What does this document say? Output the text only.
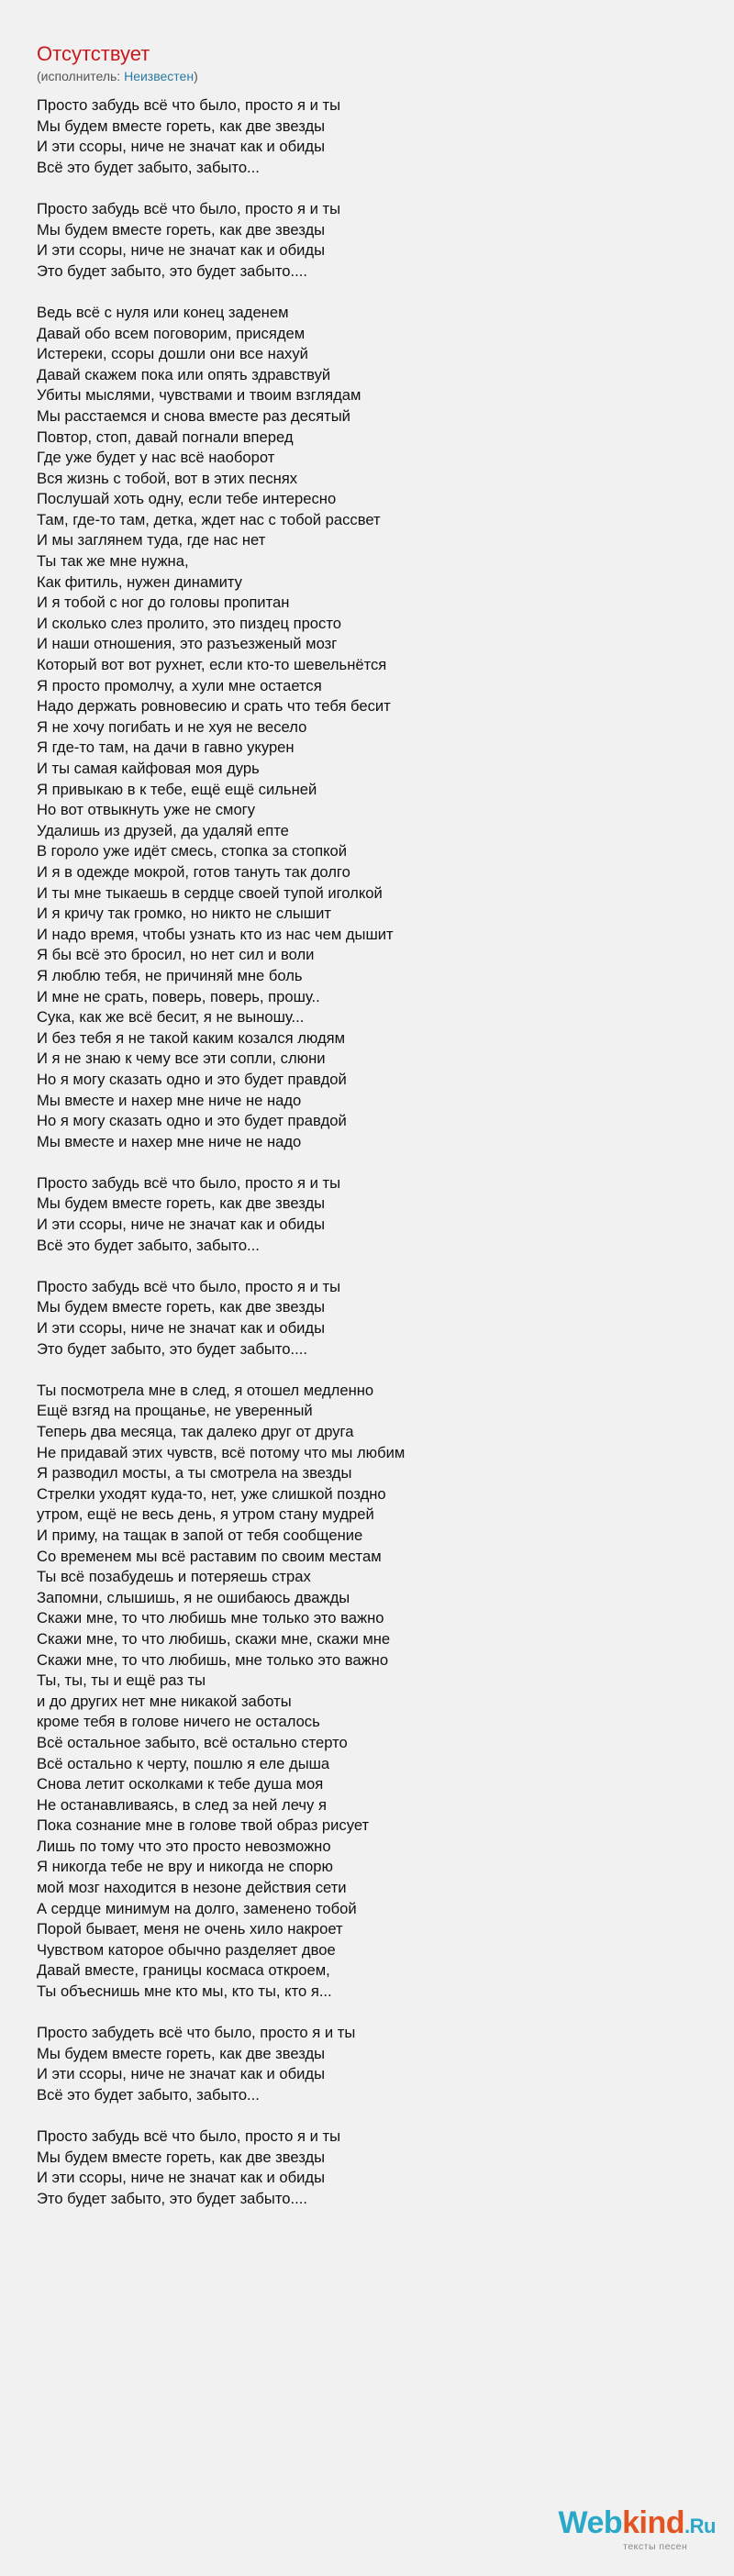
Отсутствует
(исполнитель: Неизвестен)
Просто забудь всё что было, просто я и ты
Мы будем вместе гореть, как две звезды
И эти ссоры, ниче не значат как и обиды
Всё это будет забыто, забыто...
Просто забудь всё что было, просто я и ты
Мы будем вместе гореть, как две звезды
И эти ссоры, ниче не значат как и обиды
Это будет забыто, это будет забыто....
Ведь всё с нуля или конец заденем
Давай обо всем поговорим, присядем
Истереки, ссоры дошли они все нахуй
Давай скажем пока или опять здравствуй
Убиты мыслями, чувствами и твоим взглядам
Мы расстаемся и снова вместе раз десятый
Повтор, стоп, давай погнали вперед
Где уже будет у нас всё наоборот
Вся жизнь с тобой, вот в этих песнях
Послушай хоть одну, если тебе интересно
Там, где-то там, детка, ждет нас с тобой рассвет
И мы заглянем туда, где нас нет
Ты так же мне нужна,
Как фитиль, нужен динамиту
И я тобой с ног до головы пропитан
И сколько слез пролито, это пиздец просто
И наши отношения, это разъезженый мозг
Который вот вот рухнет, если кто-то шевельнётся
Я просто промолчу, а хули мне остается
Надо держать ровновесию и срать что тебя бесит
Я не хочу погибать и не хуя не весело
Я где-то там, на дачи в гавно укурен
И ты самая кайфовая моя дурь
Я привыкаю в к тебе, ещё ещё сильней
Но вот отвыкнуть уже не смогу
Удалишь из друзей, да удаляй епте
В гороло уже идёт смесь, стопка за стопкой
И я в одежде мокрой, готов тануть так долго
И ты мне тыкаешь в сердце своей тупой иголкой
И я кричу так громко, но никто не слышит
И надо время, чтобы узнать кто из нас чем дышит
Я бы всё это бросил, но нет сил и воли
Я люблю тебя, не причиняй мне боль
И мне не срать, поверь, поверь, прошу..
Сука, как же всё бесит, я не выношу...
И без тебя я не такой каким козался людям
И я не знаю к чему все эти сопли, слюни
Но я могу сказать одно и это будет правдой
Мы вместе и нахер мне ниче не надо
Но я могу сказать одно и это будет правдой
Мы вместе и нахер мне ниче не надо
Просто забудь всё что было, просто я и ты
Мы будем вместе гореть, как две звезды
И эти ссоры, ниче не значат как и обиды
Всё это будет забыто, забыто...
Просто забудь всё что было, просто я и ты
Мы будем вместе гореть, как две звезды
И эти ссоры, ниче не значат как и обиды
Это будет забыто, это будет забыто....
Ты посмотрела мне в след, я отошел медленно
Ещё взгяд на прощанье, не уверенный
Теперь два месяца, так далеко друг от друга
Не придавай этих чувств, всё потому что мы любим
Я разводил мосты, а ты смотрела на звезды
Стрелки уходят куда-то, нет, уже слишкой поздно
утром, ещё не весь день, я утром стану мудрей
И приму, на тащак в запой от тебя сообщение
Со временем мы всё раставим по своим местам
Ты всё позабудешь и потеряешь страх
Запомни, слышишь, я не ошибаюсь дважды
Скажи мне, то что любишь мне только это важно
Скажи мне, то что любишь, скажи мне, скажи мне
Скажи мне, то что любишь, мне только это важно
Ты, ты, ты и ещё раз ты
и до других нет мне никакой заботы
кроме тебя в голове ничего не осталось
Всё остальное забыто, всё остально стерто
Всё остально к черту, пошлю я еле дыша
Снова летит осколками к тебе душа моя
Не останавливаясь, в след за ней лечу я
Пока сознание мне в голове твой образ рисует
Лишь по тому что это просто невозможно
Я никогда тебе не вру и никогда не спорю
мой мозг находится в незоне действия сети
А сердце минимум на долго, заменено тобой
Порой бывает, меня не очень хило накроет
Чувством каторое обычно разделяет двое
Давай вместе, границы космаса откроем,
Ты объеснишь мне кто мы, кто ты, кто я...
Просто забудеть всё что было, просто я и ты
Мы будем вместе гореть, как две звезды
И эти ссоры, ниче не значат как и обиды
Всё это будет забыто, забыто...
Просто забудь всё что было, просто я и ты
Мы будем вместе гореть, как две звезды
И эти ссоры, ниче не значат как и обиды
Это будет забыто, это будет забыто....
Webkind.Ru
тексты песен
